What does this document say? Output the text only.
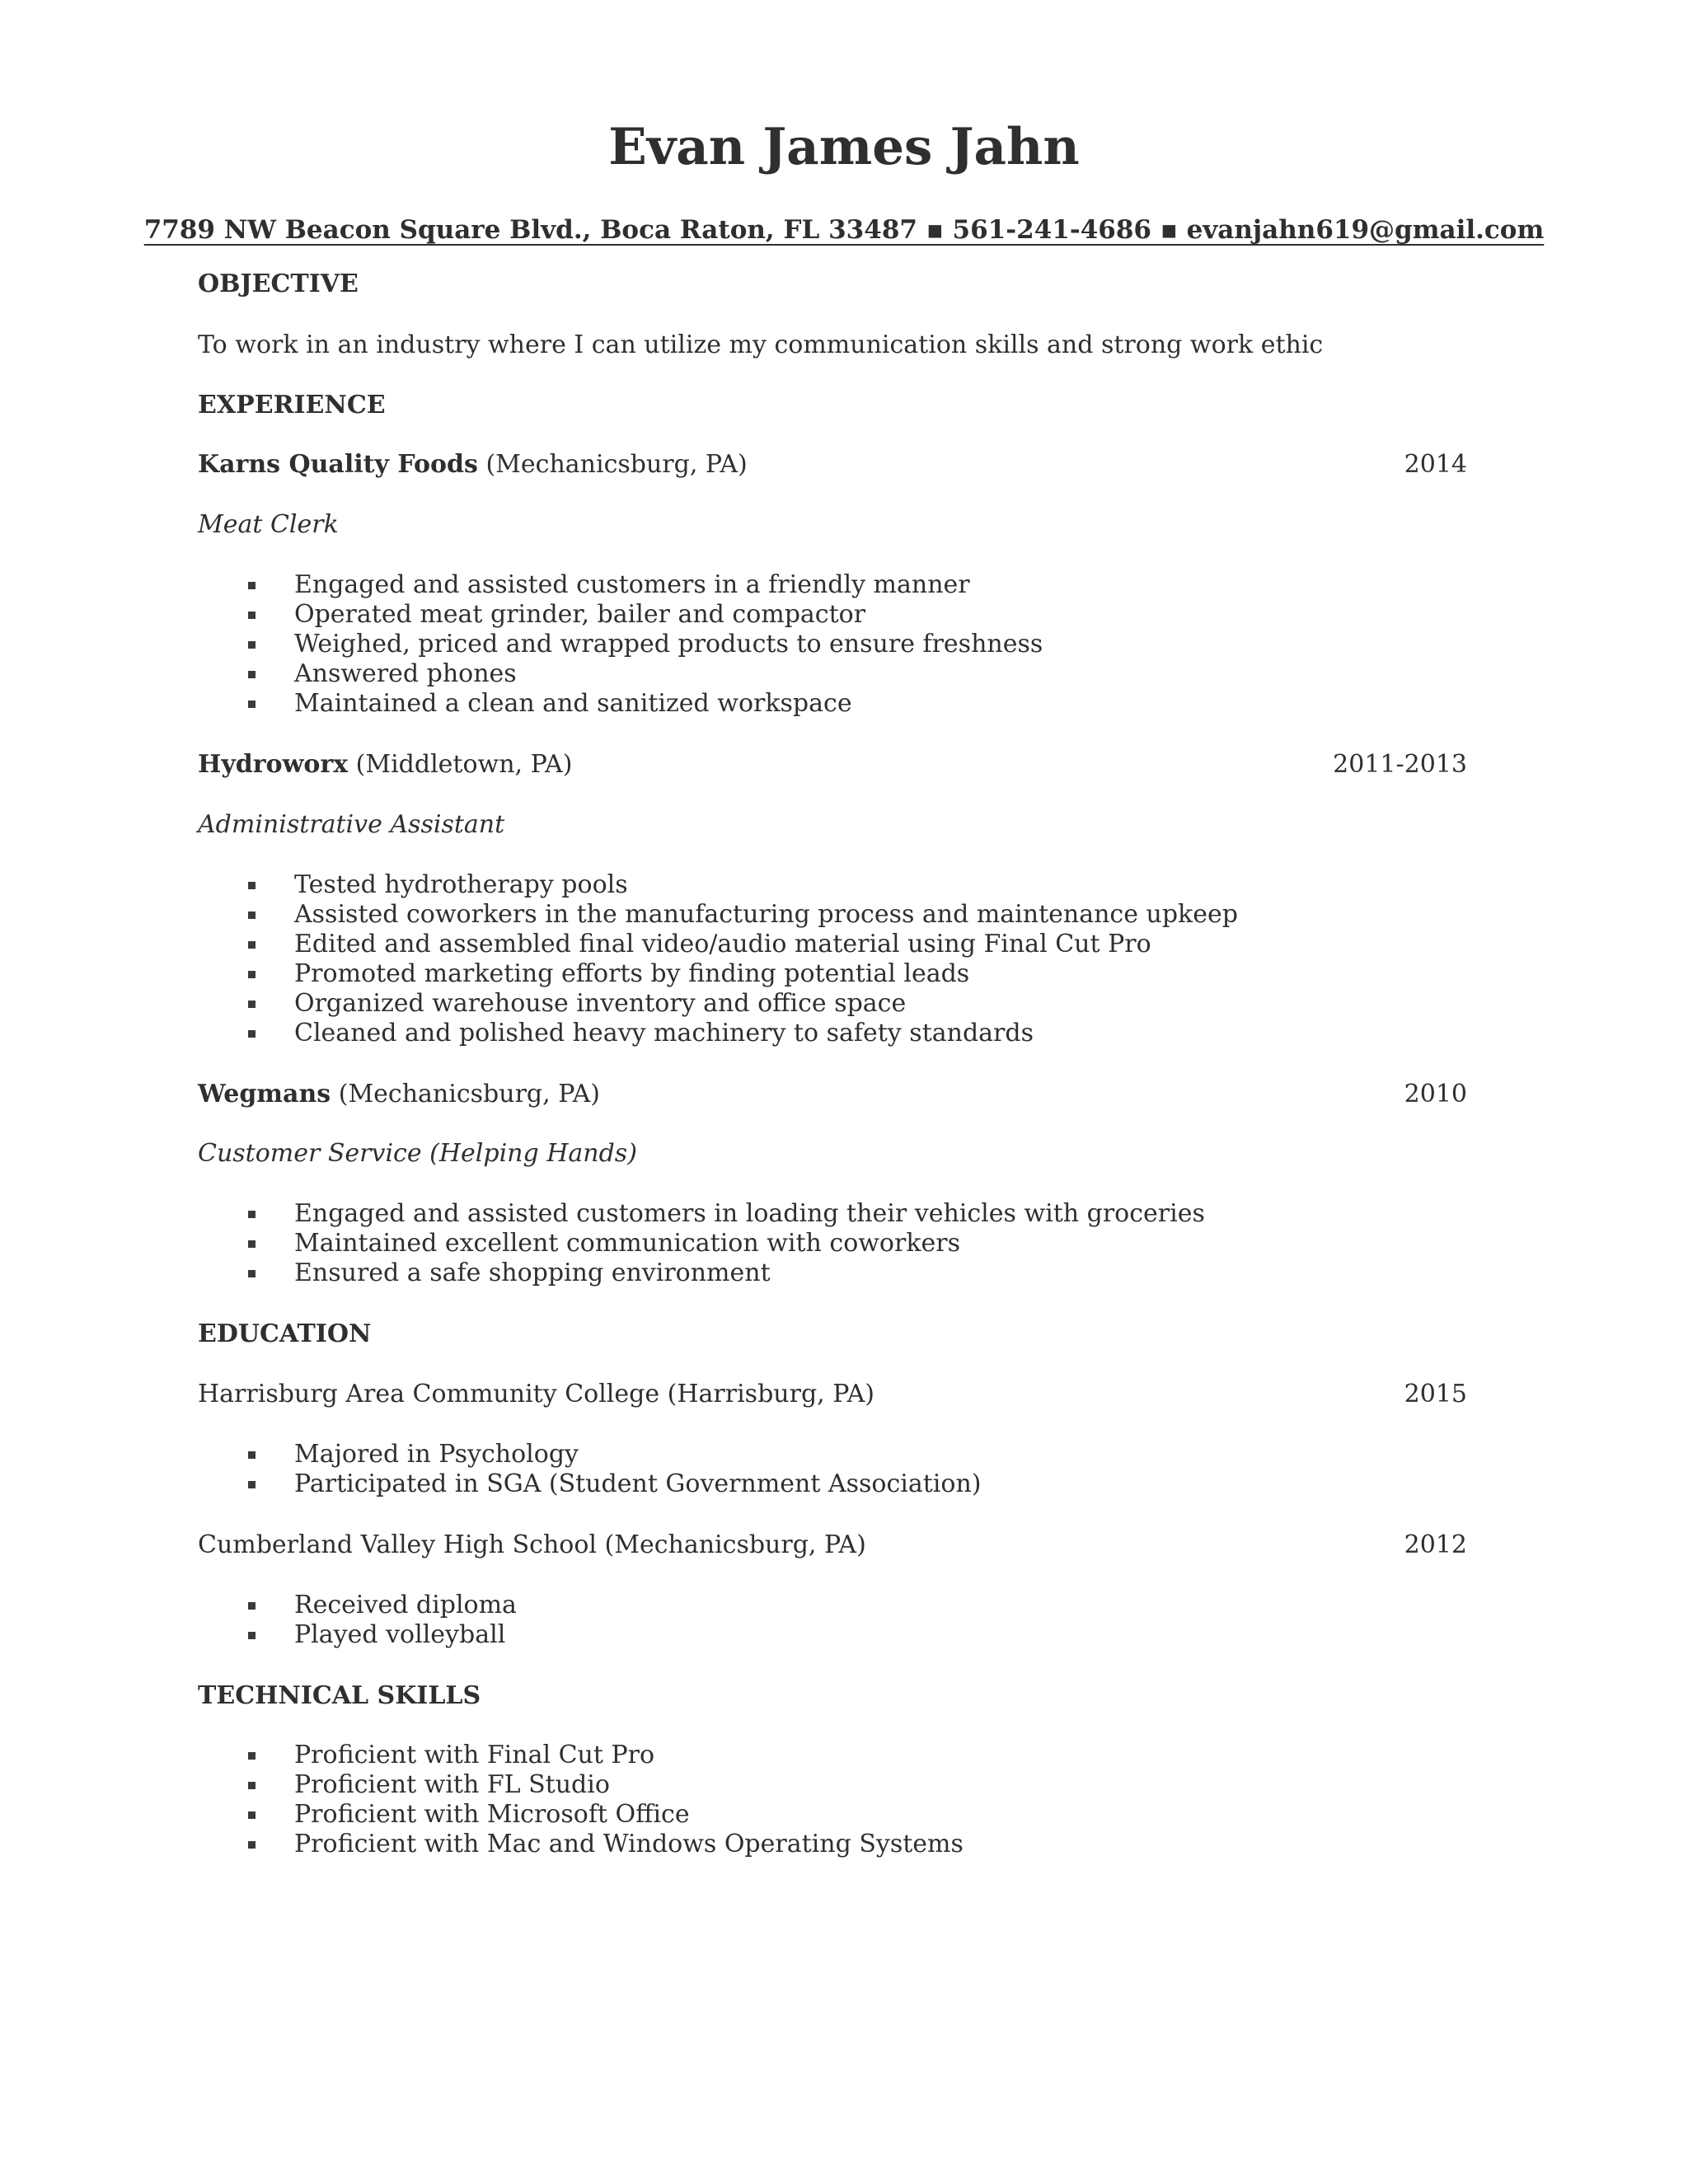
Evan James Jahn
7789 NW Beacon Square Blvd., Boca Raton, FL 33487 ▪ 561-241-4686 ▪ evanjahn619@gmail.com
OBJECTIVE
To work in an industry where I can utilize my communication skills and strong work ethic
EXPERIENCE
Karns Quality Foods (Mechanicsburg, PA)	2014
Meat Clerk
Engaged and assisted customers in a friendly manner
Operated meat grinder, bailer and compactor
Weighed, priced and wrapped products to ensure freshness
Answered phones
Maintained a clean and sanitized workspace
Hydroworx (Middletown, PA)	2011-2013
Administrative Assistant
Tested hydrotherapy pools
Assisted coworkers in the manufacturing process and maintenance upkeep
Edited and assembled final video/audio material using Final Cut Pro
Promoted marketing efforts by finding potential leads
Organized warehouse inventory and office space
Cleaned and polished heavy machinery to safety standards
Wegmans (Mechanicsburg, PA)	2010
Customer Service (Helping Hands)
Engaged and assisted customers in loading their vehicles with groceries
Maintained excellent communication with coworkers
Ensured a safe shopping environment
EDUCATION
Harrisburg Area Community College (Harrisburg, PA)	2015
Majored in Psychology
Participated in SGA (Student Government Association)
Cumberland Valley High School (Mechanicsburg, PA)	2012
Received diploma
Played volleyball
TECHNICAL SKILLS
Proficient with Final Cut Pro
Proficient with FL Studio
Proficient with Microsoft Office
Proficient with Mac and Windows Operating Systems
